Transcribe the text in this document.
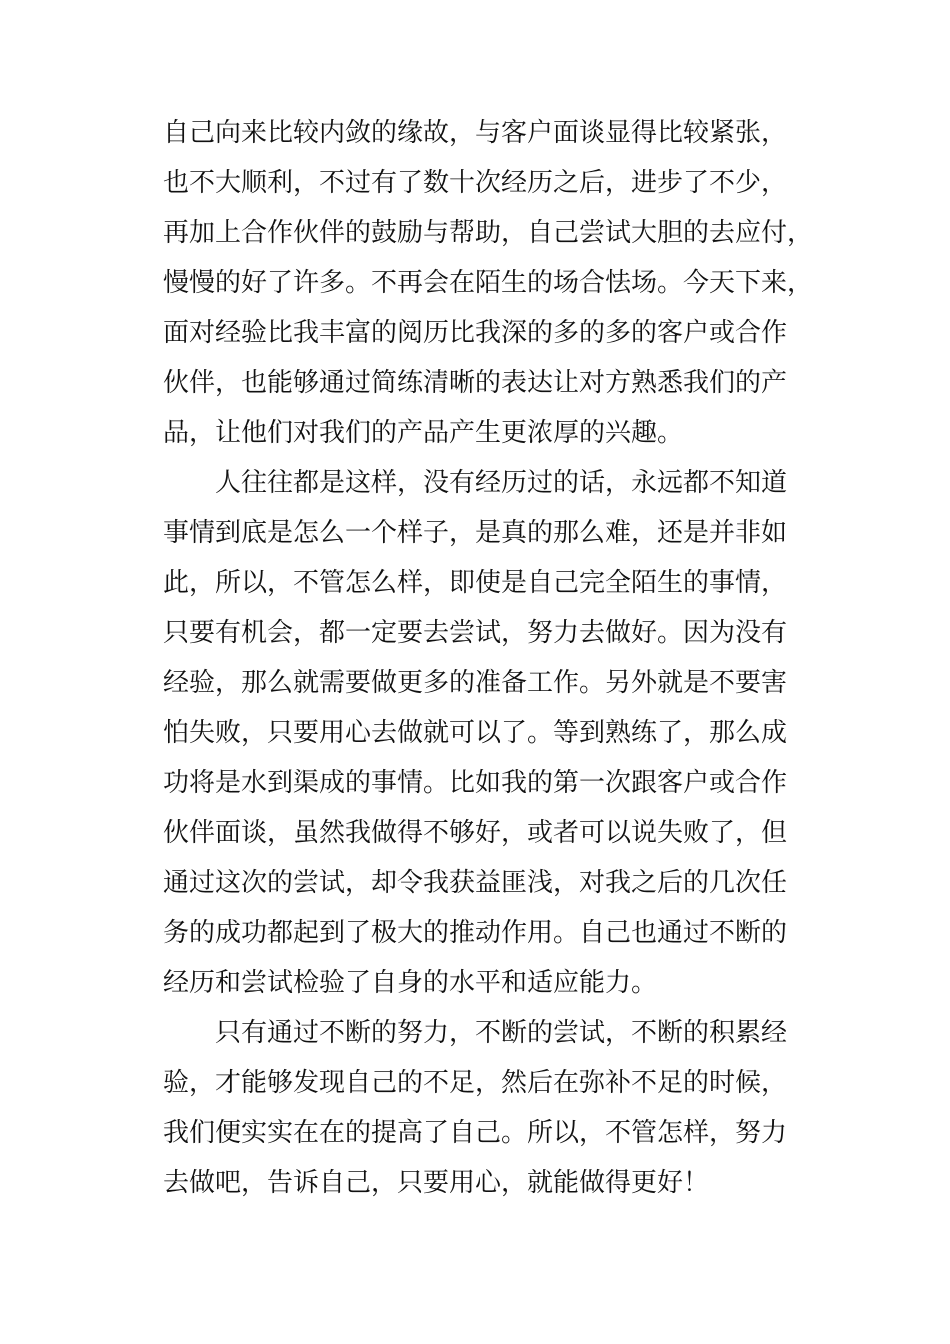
自己向来比较内敛的缘故，与客户面谈显得比较紧张，
也不大顺利，不过有了数十次经历之后，进步了不少，
再加上合作伙伴的鼓励与帮助，自己尝试大胆的去应付，
慢慢的好了许多。不再会在陌生的场合怯场。今天下来，
面对经验比我丰富的阅历比我深的多的多的客户或合作
伙伴，也能够通过简练清晰的表达让对方熟悉我们的产
品，让他们对我们的产品产生更浓厚的兴趣。
人往往都是这样，没有经历过的话，永远都不知道
事情到底是怎么一个样子，是真的那么难，还是并非如
此，所以，不管怎么样，即使是自己完全陌生的事情，
只要有机会，都一定要去尝试，努力去做好。因为没有
经验，那么就需要做更多的准备工作。另外就是不要害
怕失败，只要用心去做就可以了。等到熟练了，那么成
功将是水到渠成的事情。比如我的第一次跟客户或合作
伙伴面谈，虽然我做得不够好，或者可以说失败了，但
通过这次的尝试，却令我获益匪浅，对我之后的几次任
务的成功都起到了极大的推动作用。自己也通过不断的
经历和尝试检验了自身的水平和适应能力。
只有通过不断的努力，不断的尝试，不断的积累经
验，才能够发现自己的不足，然后在弥补不足的时候，
我们便实实在在的提高了自己。所以，不管怎样，努力
去做吧，告诉自己，只要用心，就能做得更好！
